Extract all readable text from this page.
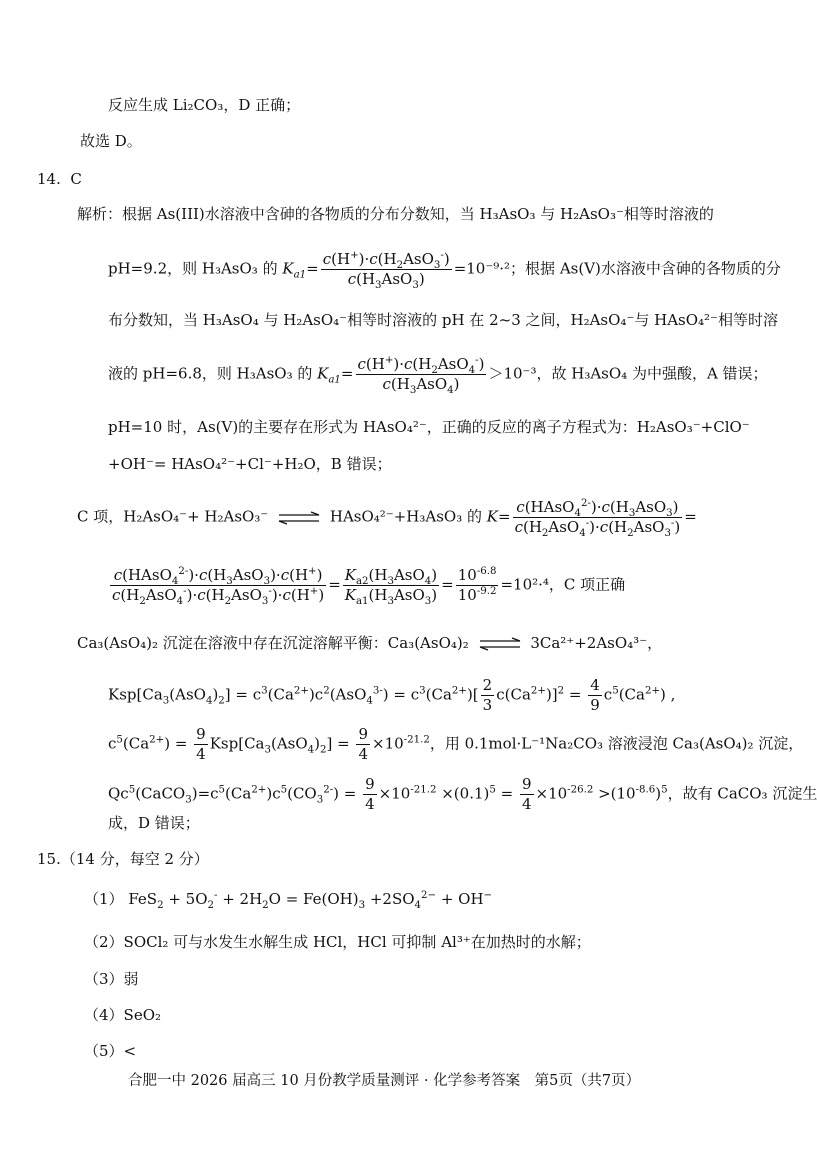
反应生成 Li₂CO₃，D 正确；
故选 D。
14. C
解析：根据 As(III)水溶液中含砷的各物质的分布分数知，当 H₃AsO₃ 与 H₂AsO₃⁻相等时溶液的
pH=9.2，则 H₃AsO₃ 的 $K_{a1}= \frac{c(H^+)\cdot c(H_2AsO_3^-)}{c(H_3AsO_3)} =10^{-9}\cdot^2$；根据 As(V)水溶液中含砷的各物质的分
布分数知，当 H₃AsO₄ 与 H₂AsO₄⁻相等时溶液的 pH 在 2~3 之间，H₂AsO₄⁻与 HAsO₄²⁻相等时溶
液的 pH=6.8，则 H₃AsO₃ 的 $K_{a1}= \frac{c(H^+)\cdot c(H_2AsO_4^-)}{c(H_3AsO_4)} >10^{-3}$，故 H₃AsO₄ 为中强酸，A 错误；
pH=10 时，As(V)的主要存在形式为 HAsO₄²⁻，正确的反应的离子方程式为：H₂AsO₃⁻+ClO⁻
+OH⁻= HAsO₄²⁻+Cl⁻+H₂O，B 错误；
C 项，H₂AsO₄⁻+ H₂AsO₃⁻ ⇌ HAsO₄²⁻+H₃AsO₃ 的 $K= \frac{c(HAsO_4^{2-})\cdot c(H_3AsO_3)}{c(H_2AsO_4^-)\cdot c(H_2AsO_3^-)}$ =
$\frac{c(HAsO_4^{2-})\cdot c(H_3AsO_3)\cdot c(H^+)}{c(H_2AsO_4^-)\cdot c(H_2AsO_3^-)\cdot c(H^+)} = \frac{K_{a2}(H_3AsO_4)}{K_{a1}(H_3AsO_3)} = \frac{10^{-6.8}}{10^{-9.2}} =10^2\cdot^4$，C 项正确
Ca₃(AsO₄)₂ 沉淀在溶液中存在沉淀溶解平衡：Ca₃(AsO₄)₂ ⇌ 3Ca²⁺+2AsO₄³⁻，
$Ksp[Ca_3(AsO_4)_2] = c^3(Ca^{2+})c^2(AsO_4^{3-}) = c^3(Ca^{2+})[ \frac{2}{3} c(Ca^{2+})]^2 = \frac{4}{9} c^5(Ca^{2+})$ ,
$c^5(Ca^{2+}) = \frac{9}{4} Ksp[Ca_3(AsO_4)_2] = \frac{9}{4} \times 10^{-21.2}$，用 0.1mol·L⁻¹Na₂CO₃ 溶液浸泡 Ca₃(AsO₄)₂ 沉淀，
$Qc^5(CaCO_3)=c^5(Ca^{2+})c^5(CO_3^{2-}) = \frac{9}{4} \times 10^{-21.2} \times(0.1)^5 = \frac{9}{4} \times 10^{-26.2} >(10^{-8.6})^5$，故有 CaCO₃ 沉淀生
成，D 错误；
15.（14 分，每空 2 分）
（1） $FeS_2 + 5O_2^- + 2H_2O = Fe(OH)_3 +2SO_4^{2-} + OH^-$
（2）SOCl₂ 可与水发生水解生成 HCl，HCl 可抑制 Al³⁺在加热时的水解；
（3）弱
（4）SeO₂
（5）<
合肥一中 2026 届高三 10 月份教学质量测评 · 化学参考答案　第5页（共7页）
